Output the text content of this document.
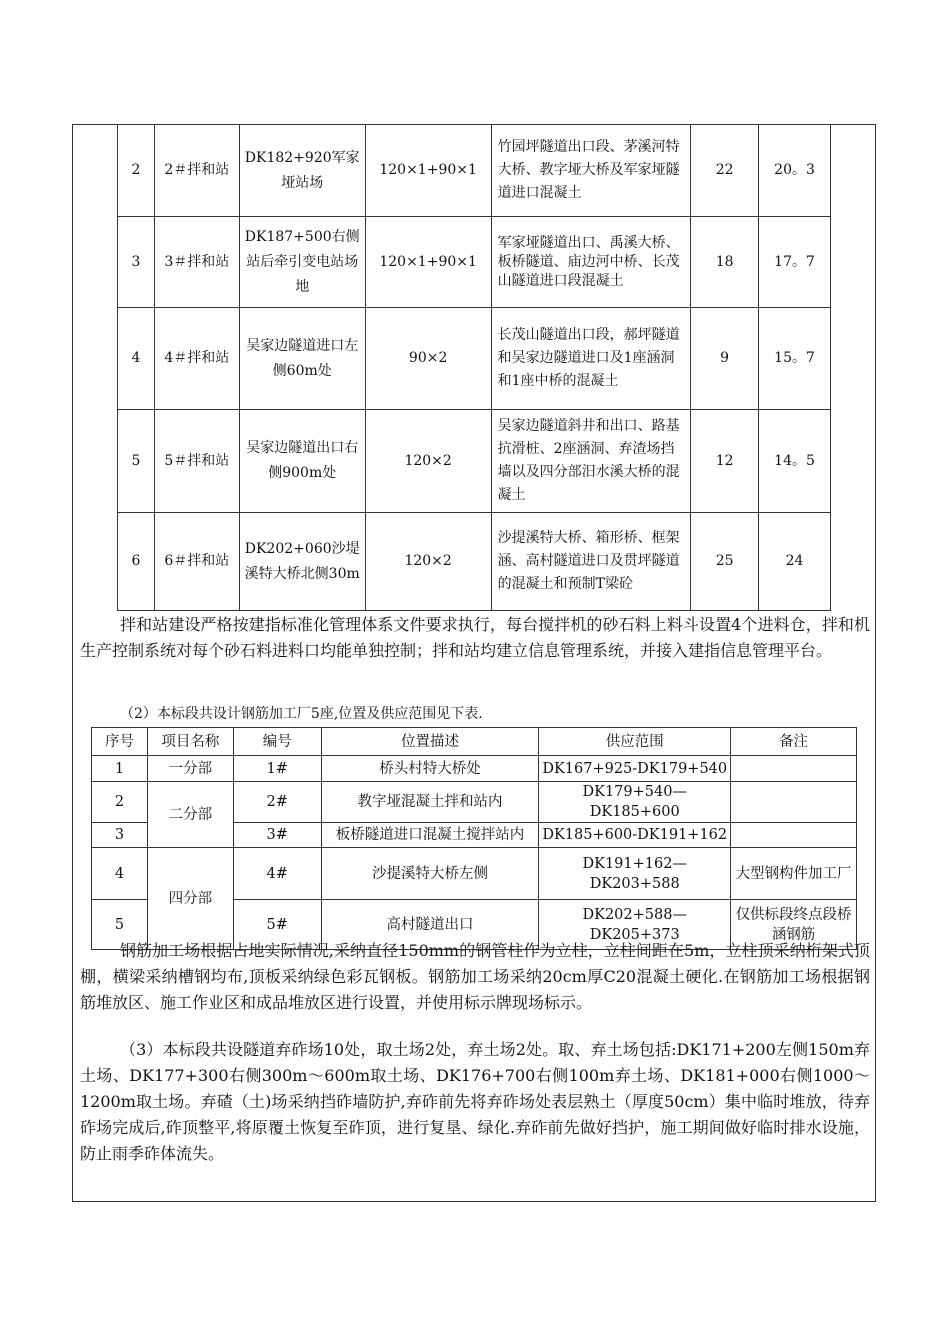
2	2＃拌和站	DK182+920军家垭站场	120×1+90×1	竹园坪隧道出口段、茅溪河特大桥、教字垭大桥及军家垭隧道进口混凝土	22	20。3
3	3＃拌和站	DK187+500右侧站后牵引变电站场地	120×1+90×1	军家垭隧道出口、禹溪大桥、板桥隧道、庙边河中桥、长茂山隧道进口段混凝土	18	17。7
4	4＃拌和站	吴家边隧道进口左侧60m处	90×2	长茂山隧道出口段，郝坪隧道和吴家边隧道进口及1座涵洞和1座中桥的混凝土	9	15。7
5	5＃拌和站	吴家边隧道出口右侧900m处	120×2	吴家边隧道斜井和出口、路基抗滑桩、2座涵洞、弃渣场挡墙以及四分部汨水溪大桥的混凝土	12	14。5
6	6＃拌和站	DK202+060沙堤溪特大桥北侧30m	120×2	沙提溪特大桥、箱形桥、框架涵、高村隧道进口及贯坪隧道的混凝土和预制T梁砼	25	24

拌和站建设严格按建指标准化管理体系文件要求执行，每台搅拌机的砂石料上料斗设置4个进料仓，拌和机生产控制系统对每个砂石料进料口均能单独控制；拌和站均建立信息管理系统，并接入建指信息管理平台。

（2）本标段共设计钢筋加工厂5座,位置及供应范围见下表.

序号	项目名称	编号	位置描述	供应范围	备注
1	一分部	1#	桥头村特大桥处	DK167+925-DK179+540	
2	二分部	2#	教字垭混凝土拌和站内	DK179+540—DK185+600	
3		3#	板桥隧道进口混凝土搅拌站内	DK185+600-DK191+162	
4	四分部	4#	沙提溪特大桥左侧	DK191+162—DK203+588	大型钢构件加工厂
5		5#	高村隧道出口	DK202+588—DK205+373	仅供标段终点段桥涵钢筋

钢筋加工场根据占地实际情况,采纳直径150mm的钢管柱作为立柱，立柱间距在5m，立柱顶采纳桁架式顶棚，横梁采纳槽钢均布,顶板采纳绿色彩瓦钢板。钢筋加工场采纳20cm厚C20混凝土硬化.在钢筋加工场根据钢筋堆放区、施工作业区和成品堆放区进行设置，并使用标示牌现场标示。

（3）本标段共设隧道弃砟场10处，取土场2处，弃土场2处。取、弃土场包括:DK171+200左侧150m弃土场、DK177+300右侧300m～600m取土场、DK176+700右侧100m弃土场、DK181+000右侧1000～1200m取土场。弃碴（土)场采纳挡砟墙防护,弃砟前先将弃砟场处表层熟土（厚度50cm）集中临时堆放，待弃砟场完成后,砟顶整平,将原覆土恢复至砟顶，进行复垦、绿化.弃砟前先做好挡护，施工期间做好临时排水设施，防止雨季砟体流失。
